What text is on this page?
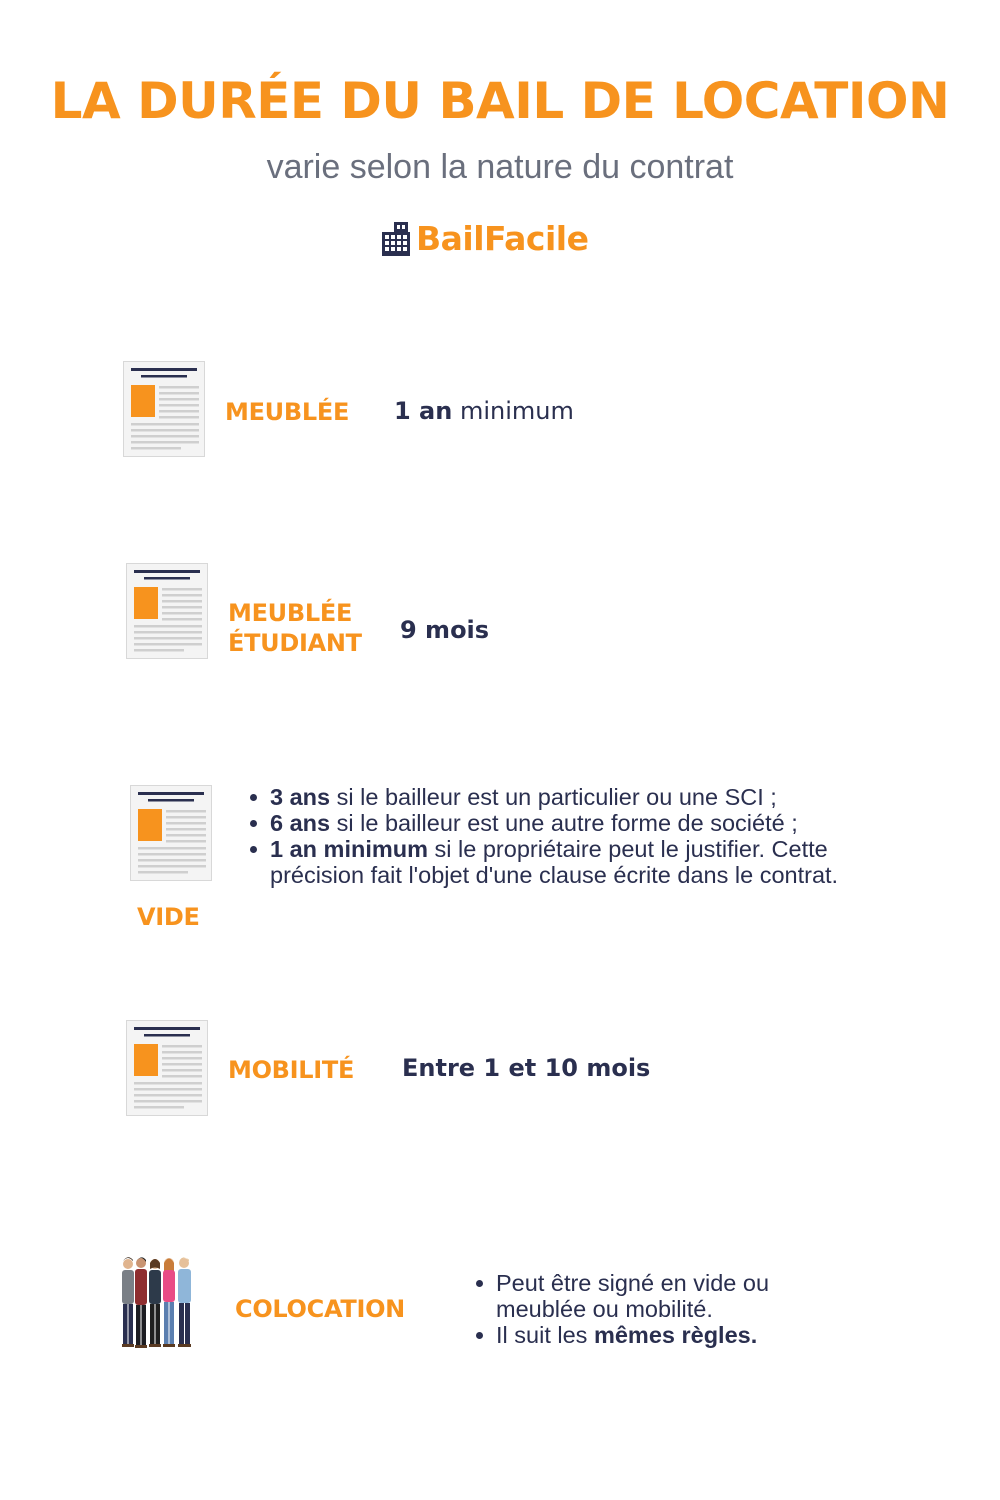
LA DURÉE DU BAIL DE LOCATION
varie selon la nature du contrat
BailFacile
MEUBLÉE 1 an minimum
MEUBLÉE
ÉTUDIANT 9 mois
VIDE
3 ans si le bailleur est un particulier ou une SCI ;
6 ans si le bailleur est une autre forme de société ;
1 an minimum si le propriétaire peut le justifier. Cette précision fait l'objet d'une clause écrite dans le contrat.
MOBILITÉ Entre 1 et 10 mois
COLOCATION
Peut être signé en vide ou meublée ou mobilité.
Il suit les mêmes règles.
